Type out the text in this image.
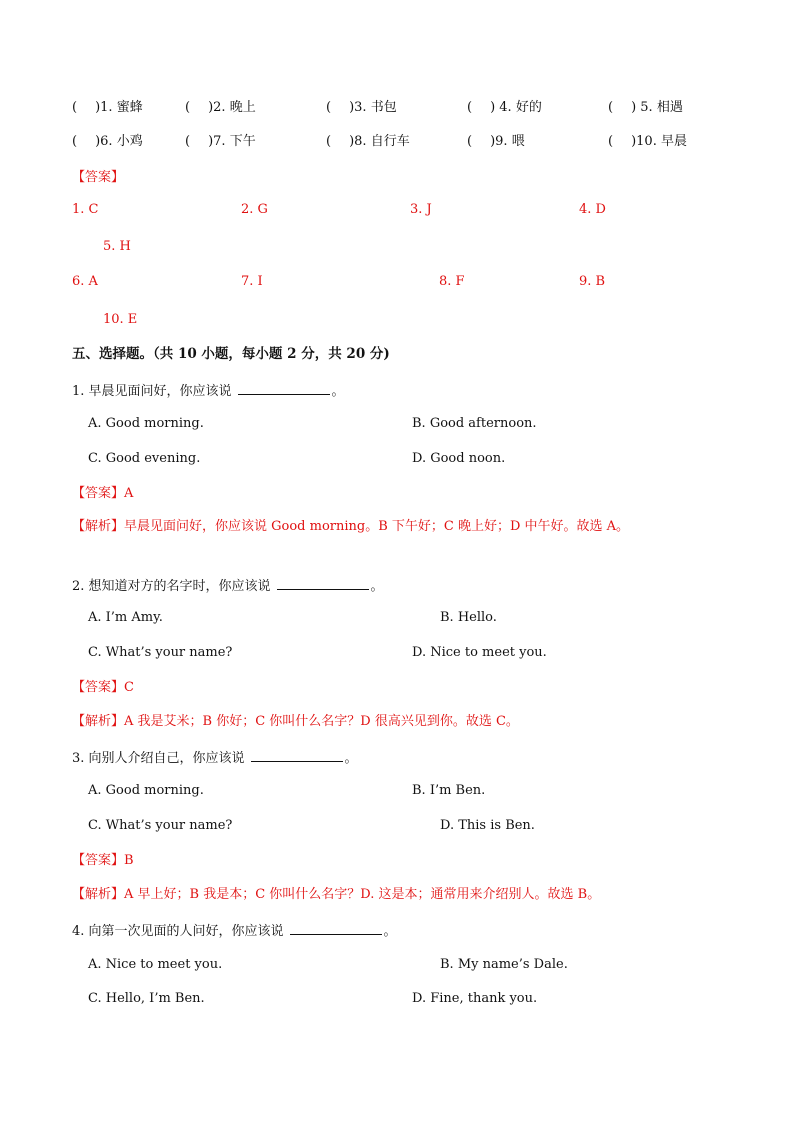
( )1. 蜜蜂	( )2. 晚上	( )3. 书包	( ) 4. 好的	( ) 5. 相遇
( )6. 小鸡	( )7. 下午	( )8. 自行车	( )9. 喂	( )10. 早晨
【答案】
1. C	2. G	3. J	4. D
5. H
6. A	7. I	8. F	9. B
10. E
五、选择题。（共 10 小题，每小题 2 分，共 20 分)
1. 早晨见面问好，你应该说	。
A. Good morning.	B. Good afternoon.
C. Good evening.	D. Good noon.
【答案】A
【解析】早晨见面问好，你应该说 Good morning。B 下午好；C 晚上好；D 中午好。故选 A。
2. 想知道对方的名字时，你应该说	。
A. I’m Amy.	B. Hello.
C. What’s your name?	D. Nice to meet you.
【答案】C
【解析】A 我是艾米；B 你好；C 你叫什么名字？D 很高兴见到你。故选 C。
3. 向别人介绍自己，你应该说	。
A. Good morning.	B. I’m Ben.
C. What’s your name?	D. This is Ben.
【答案】B
【解析】A 早上好；B 我是本；C 你叫什么名字？D. 这是本；通常用来介绍别人。故选 B。
4. 向第一次见面的人问好，你应该说	。
A. Nice to meet you.	B. My name’s Dale.
C. Hello, I’m Ben.	D. Fine, thank you.
